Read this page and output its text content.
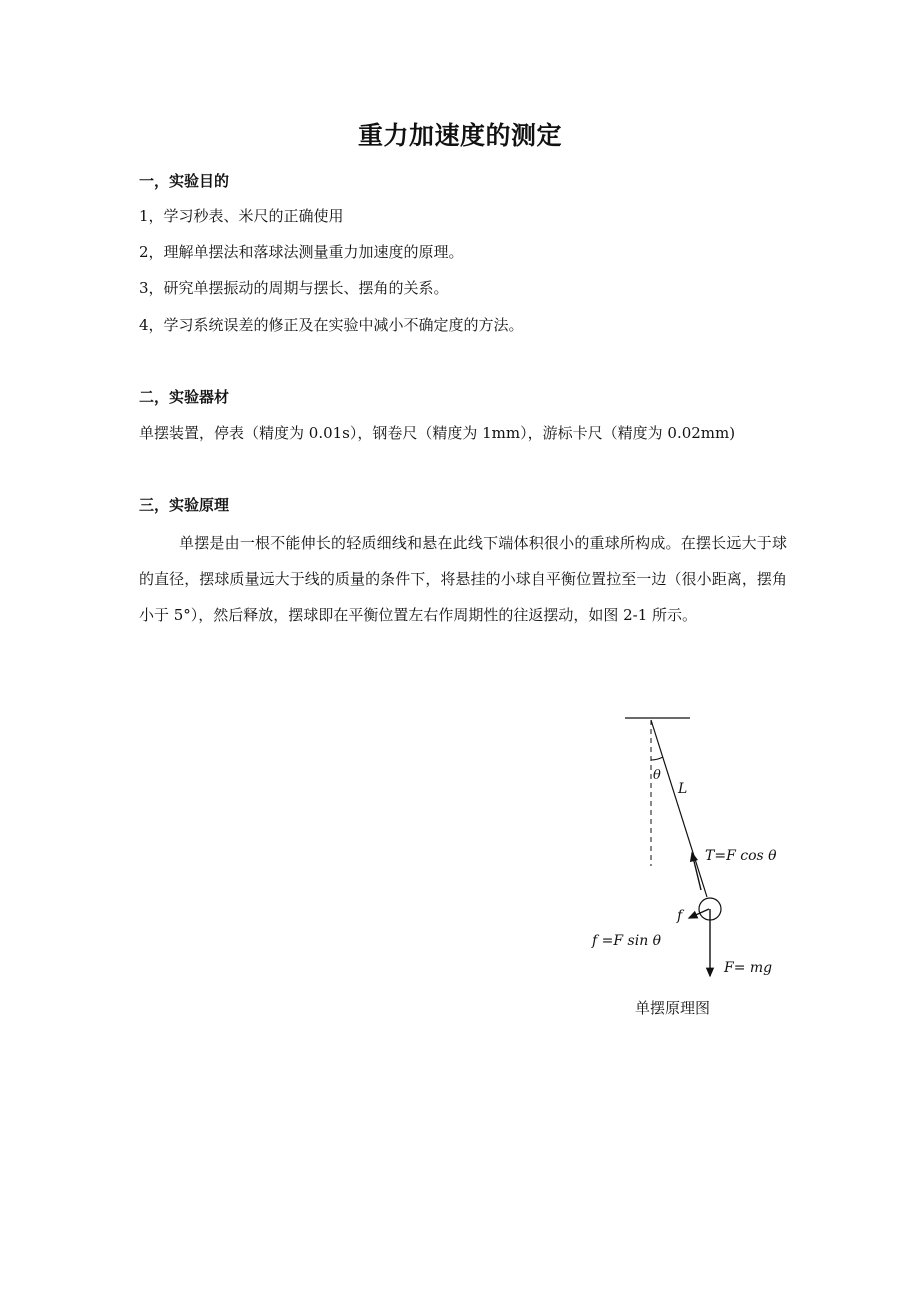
重力加速度的测定
一，实验目的
1，学习秒表、米尺的正确使用
2，理解单摆法和落球法测量重力加速度的原理。
3，研究单摆振动的周期与摆长、摆角的关系。
4，学习系统误差的修正及在实验中减小不确定度的方法。
二，实验器材
单摆装置，停表（精度为 0.01s），钢卷尺（精度为 1mm），游标卡尺（精度为 0.02mm)
三，实验原理
单摆是由一根不能伸长的轻质细线和悬在此线下端体积很小的重球所构成。在摆长远大于球的直径，摆球质量远大于线的质量的条件下，将悬挂的小球自平衡位置拉至一边（很小距离，摆角小于 5°），然后释放，摆球即在平衡位置左右作周期性的往返摆动，如图 2-1 所示。
θ
L
T=F cos θ
f
f =F sin θ
F= mg
单摆原理图
